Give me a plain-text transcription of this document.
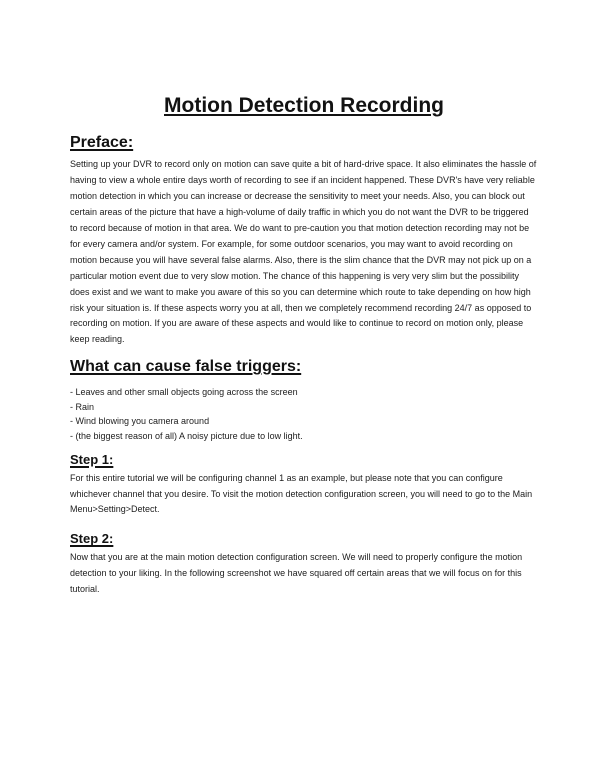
Motion Detection Recording
Preface:

Setting up your DVR to record only on motion can save quite a bit of hard-drive space. It also eliminates the hassle of having to view a whole entire days worth of recording to see if an incident happened. These DVR's have very reliable motion detection in which you can increase or decrease the sensitivity to meet your needs. Also, you can block out certain areas of the picture that have a high-volume of daily traffic in which you do not want the DVR to be triggered to record because of motion in that area. We do want to pre-caution you that motion detection recording may not be for every camera and/or system. For example, for some outdoor scenarios, you may want to avoid recording on motion because you will have several false alarms. Also, there is the slim chance that the DVR may not pick up on a particular motion event due to very slow motion. The chance of this happening is very very slim but the possibility does exist and we want to make you aware of this so you can determine which route to take depending on how high risk your situation is. If these aspects worry you at all, then we completely recommend recording 24/7 as opposed to recording on motion. If you are aware of these aspects and would like to continue to record on motion only, please keep reading.

What can cause false triggers:
- Leaves and other small objects going across the screen
- Rain
- Wind blowing you camera around
- (the biggest reason of all) A noisy picture due to low light.
Step 1:

For this entire tutorial we will be configuring channel 1 as an example, but please note that you can configure whichever channel that you desire. To visit the motion detection configuration screen, you will need to go to the Main Menu>Setting>Detect.

Step 2:

Now that you are at the main motion detection configuration screen. We will need to properly configure the motion detection to your liking. In the following screenshot we have squared off certain areas that we will focus on for this tutorial.
